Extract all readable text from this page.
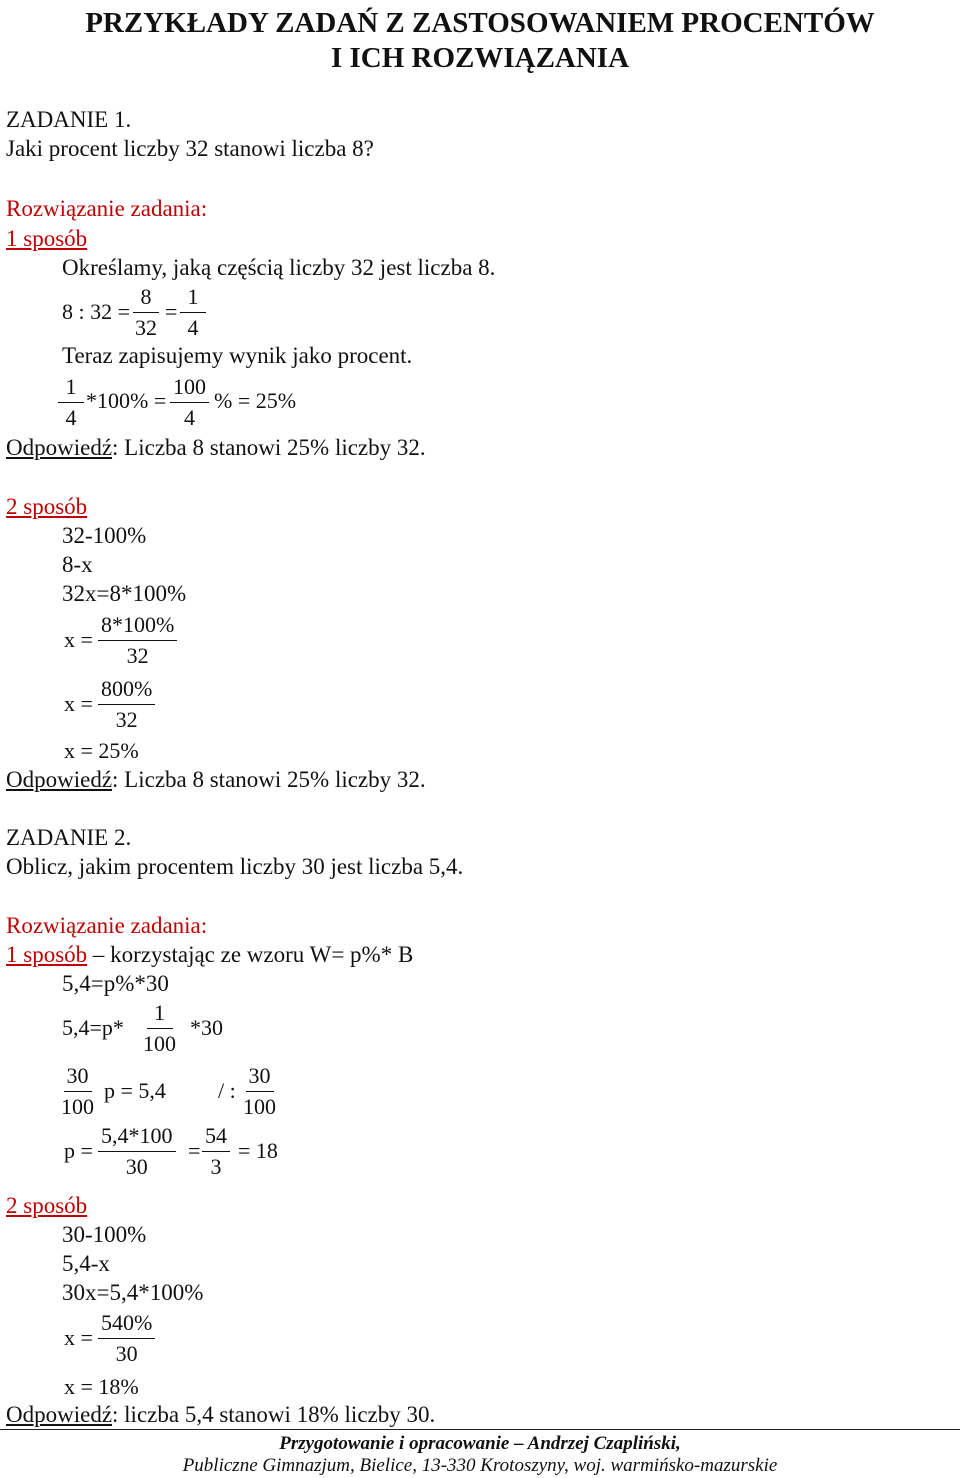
PRZYKŁADY ZADAŃ Z ZASTOSOWANIEM PROCENTÓW
I ICH ROZWIĄZANIA
ZADANIE 1.
Jaki procent liczby 32 stanowi liczba 8?
Rozwiązanie zadania:
1 sposób
Określamy, jaką częścią liczby 32 jest liczba 8.
8 : $32 = \frac{8}{32} = \frac{1}{4}$
Teraz zapisujemy wynik jako procent.
$\frac{1}{4} *100\% = \frac{100}{4}$ % = 25%
Odpowiedź: Liczba 8 stanowi 25% liczby 32.
2 sposób
32-100%
8-x
32x=8*100%
$x = \frac{8*100\%}{32}$
$x = \frac{800\%}{32}$
x = 25%
Odpowiedź: Liczba 8 stanowi 25% liczby 32.
ZADANIE 2.
Oblicz, jakim procentem liczby 30 jest liczba 5,4.
Rozwiązanie zadania:
1 sposób – korzystając ze wzoru W= p%* B
5,4=p%*30
$5,4=p* \frac{1}{100} *30$
$\frac{30}{100}$ p = 5,4 / : $\frac{30}{100}$
$p = \frac{5,4*100}{30} = \frac{54}{3} = 18$
2 sposób
30-100%
5,4-x
30x=5,4*100%
$x = \frac{540\%}{30}$
x = 18%
Odpowiedź: liczba 5,4 stanowi 18% liczby 30.
Przygotowanie i opracowanie – Andrzej Czapliński,
Publiczne Gimnazjum, Bielice, 13-330 Krotoszyny, woj. warmińsko-mazurskie
